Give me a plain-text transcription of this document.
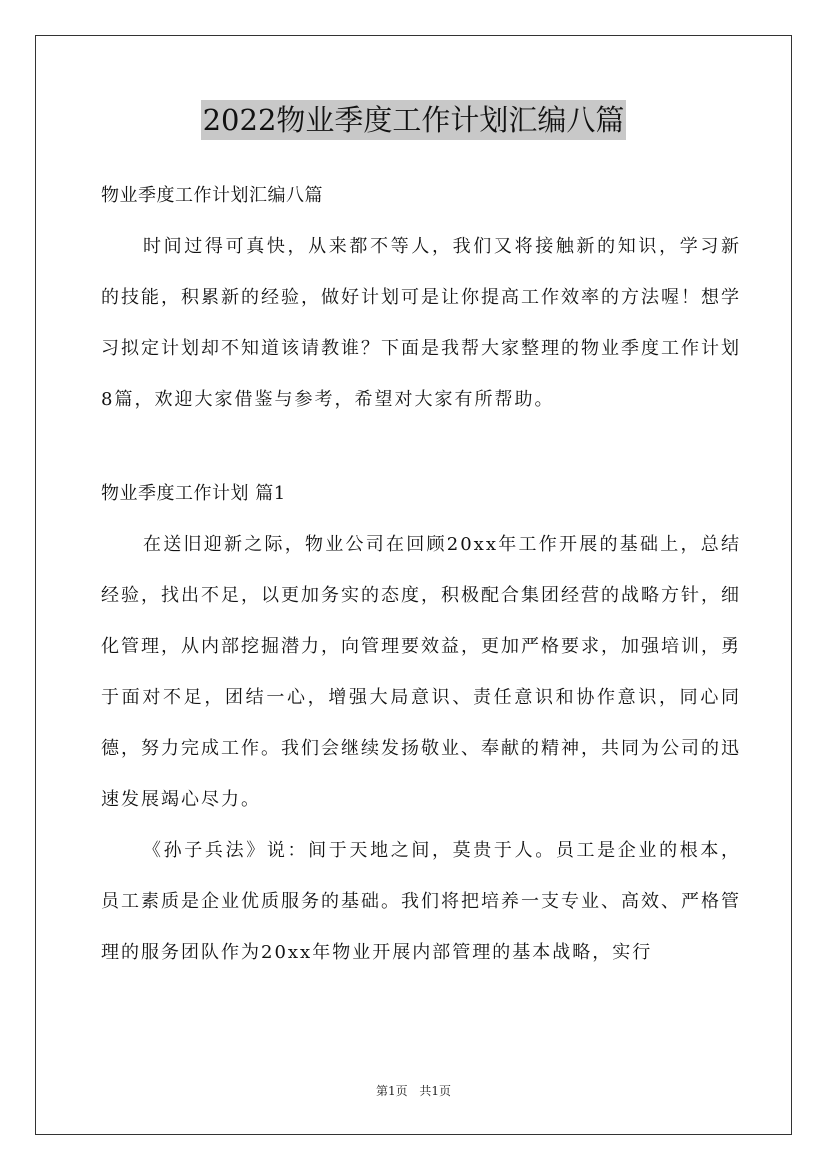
2022物业季度工作计划汇编八篇

物业季度工作计划汇编八篇

时间过得可真快，从来都不等人，我们又将接触新的知识，学习新的技能，积累新的经验，做好计划可是让你提高工作效率的方法喔！想学习拟定计划却不知道该请教谁？下面是我帮大家整理的物业季度工作计划8篇，欢迎大家借鉴与参考，希望对大家有所帮助。

物业季度工作计划 篇1

在送旧迎新之际，物业公司在回顾20xx年工作开展的基础上，总结经验，找出不足，以更加务实的态度，积极配合集团经营的战略方针，细化管理，从内部挖掘潜力，向管理要效益，更加严格要求，加强培训，勇于面对不足，团结一心，增强大局意识、责任意识和协作意识，同心同德，努力完成工作。我们会继续发扬敬业、奉献的精神，共同为公司的迅速发展竭心尽力。

《孙子兵法》说：间于天地之间，莫贵于人。员工是企业的根本，员工素质是企业优质服务的基础。我们将把培养一支专业、高效、严格管理的服务团队作为20xx年物业开展内部管理的基本战略，实行

第1页 共1页
